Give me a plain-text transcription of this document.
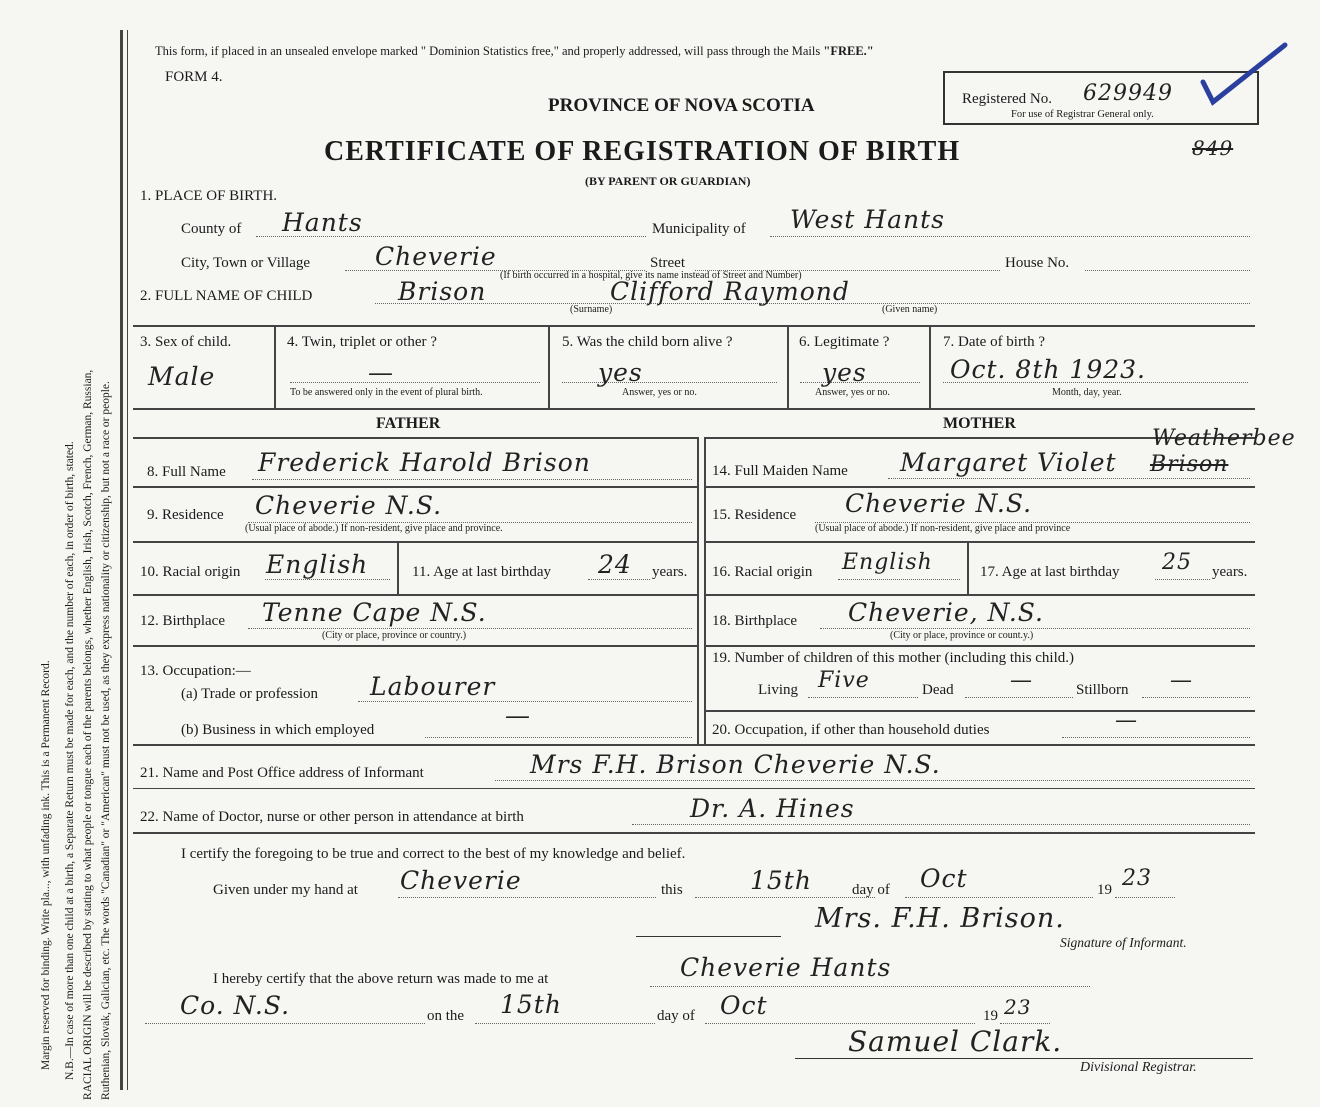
Ruthenian, Slovak, Galician, etc. The words "Canadian" or "American" must not be used, as they express nationality or citizenship, but not a race or people.
RACIAL ORIGIN will be described by stating to what people or tongue each of the parents belongs, whether English, Irish, Scotch, French, German, Russian,
N.B.—In case of more than one child at a birth, a Separate Return must be made for each, and the number of each, in order of birth, stated.
Margin reserved for binding. Write pla..., with unfading ink. This is a Permanent Record.
This form, if placed in an unsealed envelope marked " Dominion Statistics free," and properly addressed, will pass through the Mails "FREE."
FORM 4.
PROVINCE OF NOVA SCOTIA
CERTIFICATE OF REGISTRATION OF BIRTH
(BY PARENT OR GUARDIAN)
Registered No. 629949
For use of Registrar General only.
849
1. PLACE OF BIRTH.
County of Hants	Municipality of West Hants
City, Town or Village	Cheverie	Street	House No.
(If birth occurred in a hospital, give its name instead of Street and Number)
2. FULL NAME OF CHILD	Brison	Clifford Raymond
(Surname)	(Given name)
3. Sex of child.
Male
4. Twin, triplet or other ?
—
To be answered only in the event of plural birth.
5. Was the child born alive ?
yes
Answer, yes or no.
6. Legitimate ?
yes
Answer, yes or no.
7. Date of birth ?
Oct. 8th 1923.
Month, day, year.
FATHER
8. Full Name Frederick Harold Brison
9. Residence Cheverie N.S.
(Usual place of abode.) If non-resident, give place and province.
10. Racial origin English	11. Age at last birthday 24 years.
12. Birthplace Tenne Cape N.S.
(City or place, province or country.)
13. Occupation:—
(a) Trade or profession Labourer
(b) Business in which employed	—
MOTHER
Weatherbee
14. Full Maiden Name Margaret Violet Brison
15. Residence Cheverie N.S.
(Usual place of abode.) If non-resident, give place and province
16. Racial origin English	17. Age at last birthday 25 years.
18. Birthplace Cheverie, N.S.
(City or place, province or count.y.)
19. Number of children of this mother (including this child.)
Living Five	Dead	—	Stillborn —
20. Occupation, if other than household duties	—
21. Name and Post Office address of Informant	Mrs F.H. Brison Cheverie N.S.
22. Name of Doctor, nurse or other person in attendance at birth	Dr. A. Hines
I certify the foregoing to be true and correct to the best of my knowledge and belief.
Given under my hand at Cheverie	this	15th	day of Oct	19 23
Mrs. F.H. Brison.
Signature of Informant.
I hereby certify that the above return was made to me at	Cheverie Hants
Co. N.S.	on the 15th	day of Oct	19 23
Samuel Clark.
Divisional Registrar.
